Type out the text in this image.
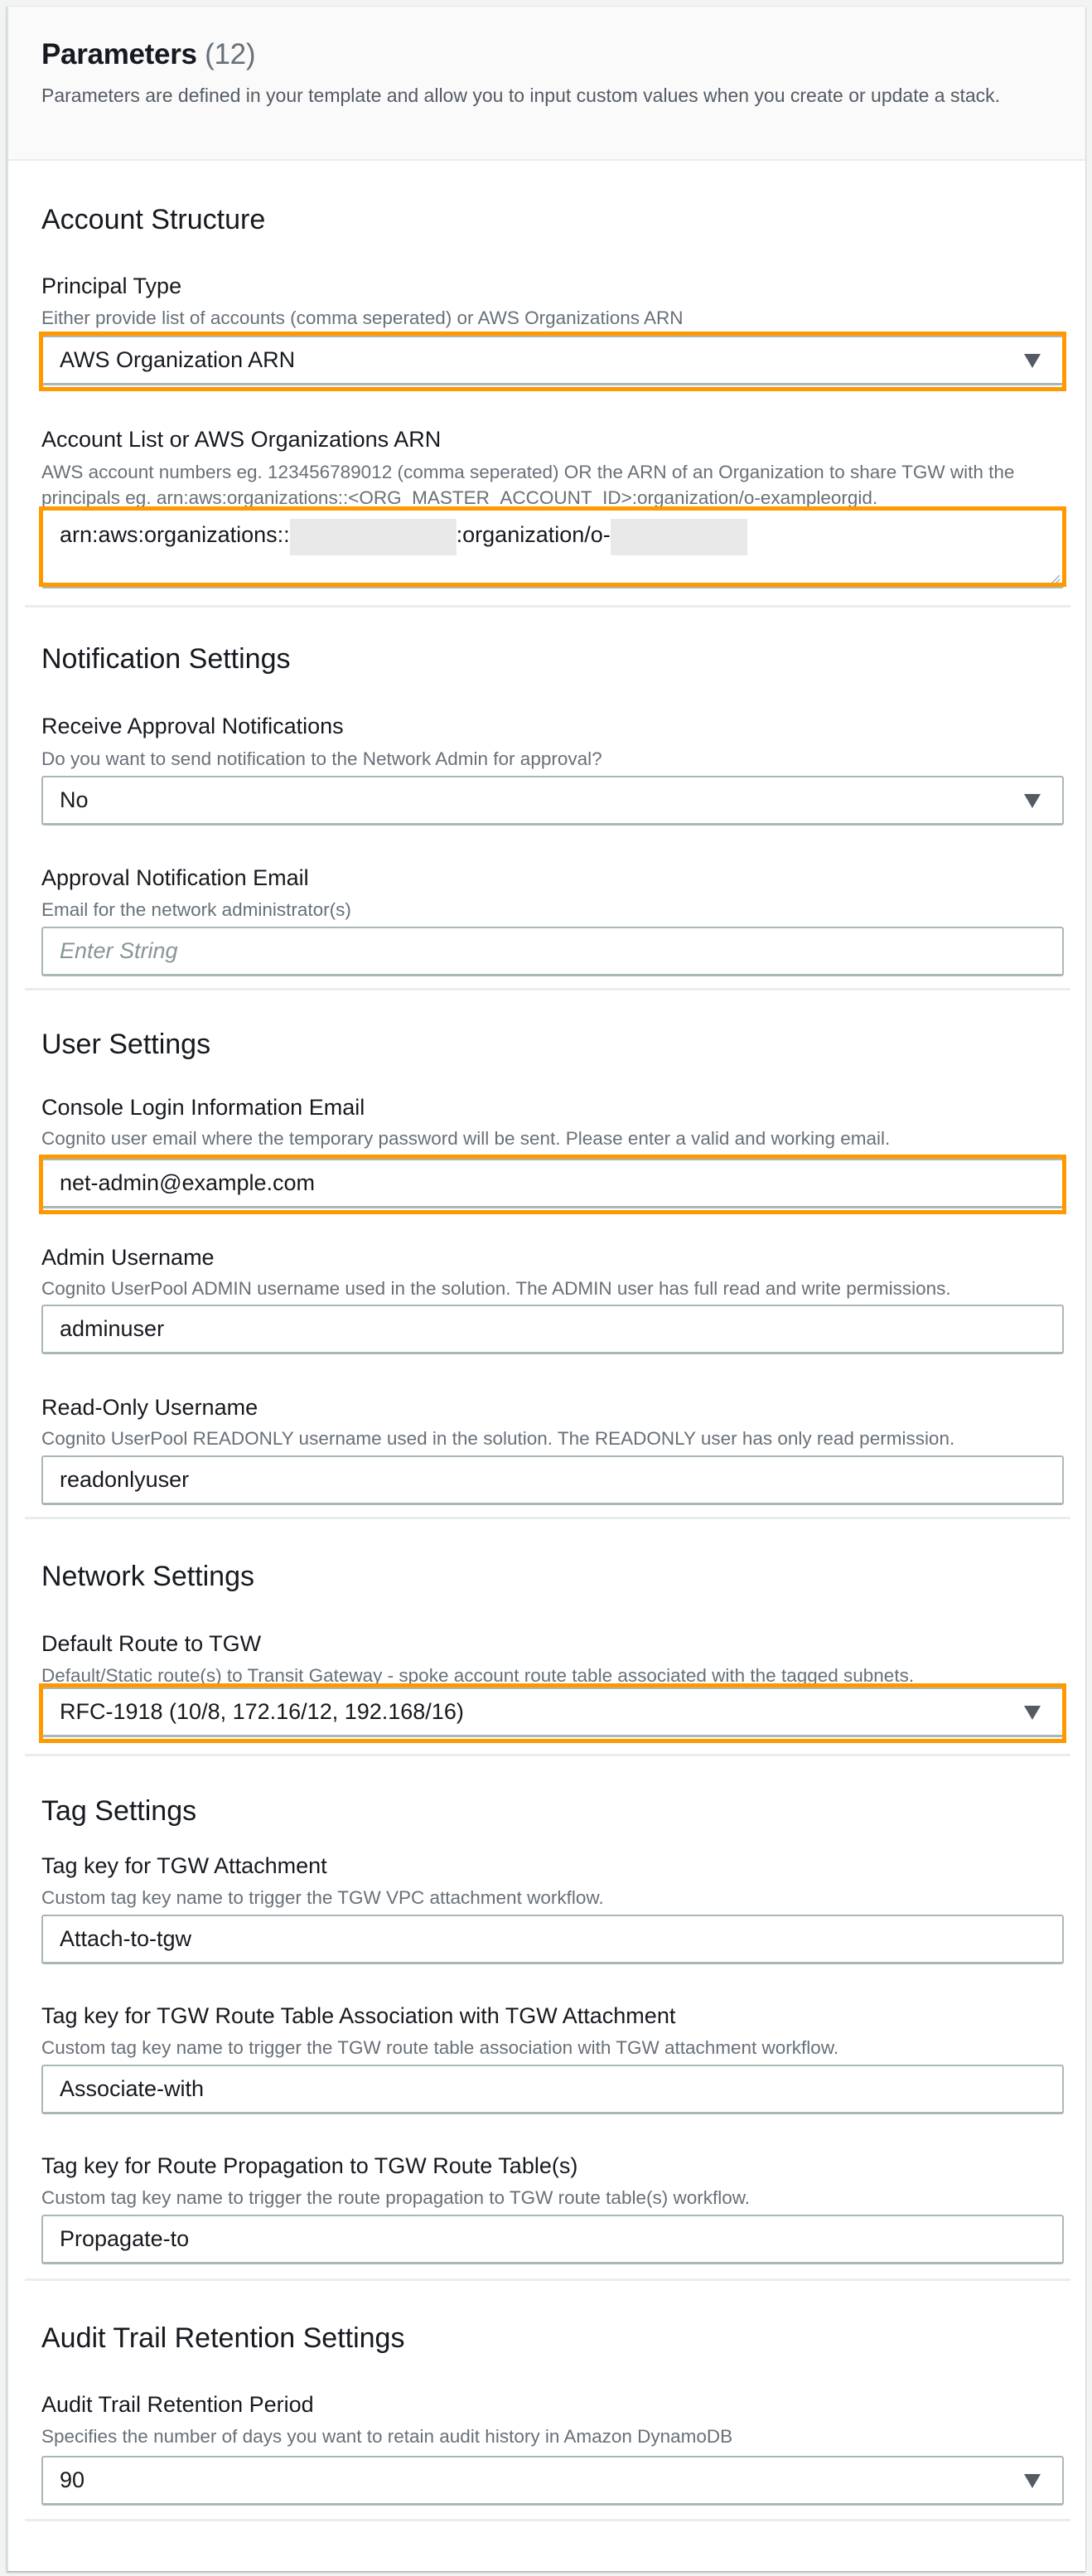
Parameters (12)
Parameters are defined in your template and allow you to input custom values when you create or update a stack.
Account Structure
Principal Type
Either provide list of accounts (comma seperated) or AWS Organizations ARN
AWS Organization ARN
Account List or AWS Organizations ARN
AWS account numbers eg. 123456789012 (comma seperated) OR the ARN of an Organization to share TGW with the principals eg. arn:aws:organizations::<ORG_MASTER_ACCOUNT_ID>:organization/o-exampleorgid.
arn:aws:organizations::	:organization/o-
Notification Settings
Receive Approval Notifications
Do you want to send notification to the Network Admin for approval?
No
Approval Notification Email
Email for the network administrator(s)
Enter String
User Settings
Console Login Information Email
Cognito user email where the temporary password will be sent. Please enter a valid and working email.
net-admin@example.com
Admin Username
Cognito UserPool ADMIN username used in the solution. The ADMIN user has full read and write permissions.
adminuser
Read-Only Username
Cognito UserPool READONLY username used in the solution. The READONLY user has only read permission.
readonlyuser
Network Settings
Default Route to TGW
Default/Static route(s) to Transit Gateway - spoke account route table associated with the tagged subnets.
RFC-1918 (10/8, 172.16/12, 192.168/16)
Tag Settings
Tag key for TGW Attachment
Custom tag key name to trigger the TGW VPC attachment workflow.
Attach-to-tgw
Tag key for TGW Route Table Association with TGW Attachment
Custom tag key name to trigger the TGW route table association with TGW attachment workflow.
Associate-with
Tag key for Route Propagation to TGW Route Table(s)
Custom tag key name to trigger the route propagation to TGW route table(s) workflow.
Propagate-to
Audit Trail Retention Settings
Audit Trail Retention Period
Specifies the number of days you want to retain audit history in Amazon DynamoDB
90
